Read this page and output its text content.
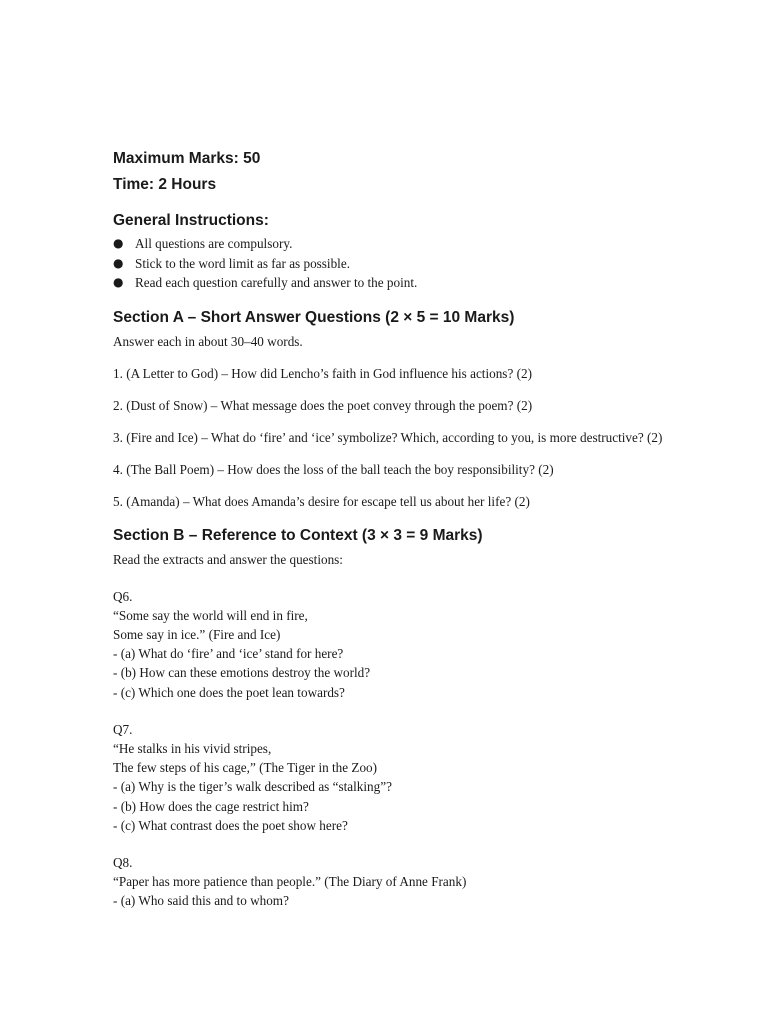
Maximum Marks: 50

Time: 2 Hours

General Instructions:

● All questions are compulsory.
● Stick to the word limit as far as possible.
● Read each question carefully and answer to the point.

Section A – Short Answer Questions (2 × 5 = 10 Marks)

Answer each in about 30–40 words.

1. (A Letter to God) – How did Lencho’s faith in God influence his actions? (2)

2. (Dust of Snow) – What message does the poet convey through the poem? (2)

3. (Fire and Ice) – What do ‘fire’ and ‘ice’ symbolize? Which, according to you, is more destructive? (2)

4. (The Ball Poem) – How does the loss of the ball teach the boy responsibility? (2)

5. (Amanda) – What does Amanda’s desire for escape tell us about her life? (2)

Section B – Reference to Context (3 × 3 = 9 Marks)

Read the extracts and answer the questions:

Q6.

“Some say the world will end in fire,

Some say in ice.” (Fire and Ice)

- (a) What do ‘fire’ and ‘ice’ stand for here?

- (b) How can these emotions destroy the world?

- (c) Which one does the poet lean towards?

Q7.

“He stalks in his vivid stripes,

The few steps of his cage,” (The Tiger in the Zoo)

- (a) Why is the tiger’s walk described as “stalking”?

- (b) How does the cage restrict him?

- (c) What contrast does the poet show here?

Q8.

“Paper has more patience than people.” (The Diary of Anne Frank)

- (a) Who said this and to whom?
